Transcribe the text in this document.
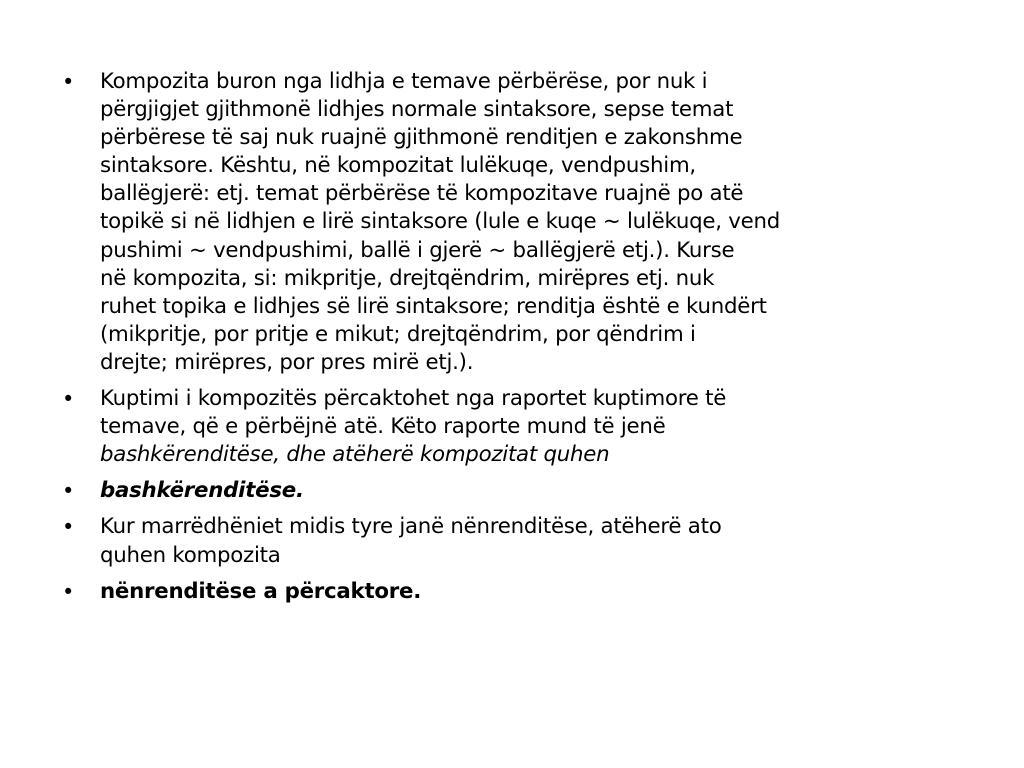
• Kompozita buron nga lidhja e temave përbërëse, por nuk i
përgjigjet gjithmonë lidhjes normale sintaksore, sepse temat
përbërese të saj nuk ruajnë gjithmonë renditjen e zakonshme
sintaksore. Kështu, në kompozitat lulëkuqe, vendpushim,
ballëgjerë: etj. temat përbërëse të kompozitave ruajnë po atë
topikë si në lidhjen e lirë sintaksore (lule e kuqe ~ lulëkuqe, vend
pushimi ~ vendpushimi, ballë i gjerë ~ ballëgjerë etj.). Kurse
në kompozita, si: mikpritje, drejtqëndrim, mirëpres etj. nuk
ruhet topika e lidhjes së lirë sintaksore; renditja është e kundërt
(mikpritje, por pritje e mikut; drejtqëndrim, por qëndrim i
drejte; mirëpres, por pres mirë etj.).
• Kuptimi i kompozitës përcaktohet nga raportet kuptimore të
temave, që e përbëjnë atë. Këto raporte mund të jenë
bashkërenditëse, dhe atëherë kompozitat quhen
• bashkërenditëse.
• Kur marrëdhëniet midis tyre janë nënrenditëse, atëherë ato
quhen kompozita
• nënrenditëse a përcaktore.
